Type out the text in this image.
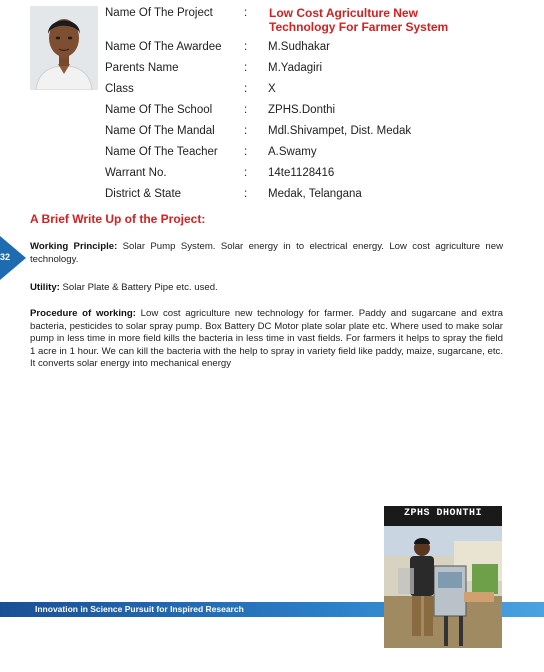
Name Of The Project	: Low Cost Agriculture New
Technology For Farmer System
Name Of The Awardee : M.Sudhakar
Parents Name	: M.Yadagiri
Class	: X
Name Of The School	: ZPHS.Donthi
Name Of The Mandal	: Mdl.Shivampet, Dist. Medak
Name Of The Teacher : A.Swamy
Warrant No.	: 14te1128416
District & State	: Medak, Telangana
A Brief Write Up of the Project:
32
Working Principle: Solar Pump System. Solar energy in to electrical energy. Low cost agriculture new technology.
Utility: Solar Plate & Battery Pipe etc. used.
Procedure of working: Low cost agriculture new technology for farmer. Paddy and sugarcane and extra bacteria, pesticides to solar spray pump. Box Battery DC Motor plate solar plate etc. Where used to make solar pump in less time in more field kills the bacteria in less time in vast fields. For farmers it helps to spray the field 1 acre in 1 hour. We can kill the bacteria with the help to spray in variety field like paddy, maize, sugarcane, etc. It converts solar energy into mechanical energy
Innovation in Science Pursuit for Inspired Research
ZPHS DHONTHI
